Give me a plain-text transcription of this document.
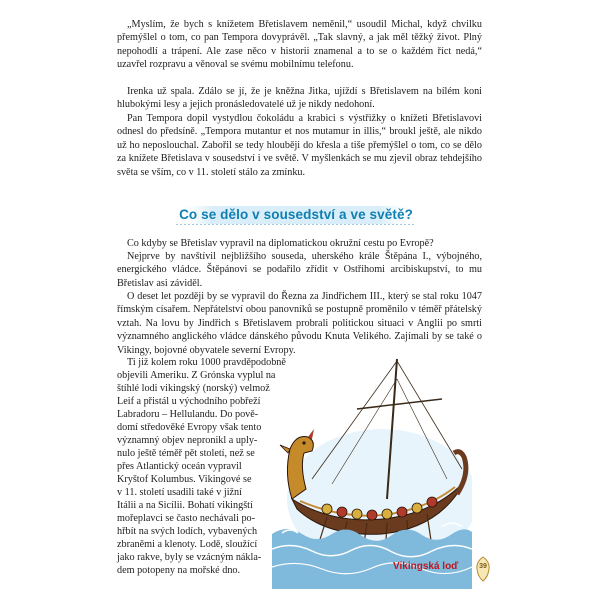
„Myslím, že bych s knížetem Břetislavem neměnil,“ usoudil Michal, když chvilku přemýšlel o tom, co pan Tempora dovyprávěl. „Tak slavný, a jak měl těžký život. Plný nepohodlí a trápení. Ale zase něco v historii znamenal a to se o každém říct nedá,“ uzavřel rozpravu a věnoval se svému mobilnímu telefonu.

Irenka už spala. Zdálo se jí, že je kněžna Jitka, ujíždí s Břetislavem na bílém koni hlubokými lesy a jejich pronásledovatelé už je nikdy nedohoní.

Pan Tempora dopil vystydlou čokoládu a krabici s výstřižky o knížeti Břetislavovi odnesl do předsíně. „Tempora mutantur et nos mutamur in illis,“ broukl ještě, ale nikdo už ho neposlouchal. Zabořil se tedy hlouběji do křesla a tiše přemýšlel o tom, co se dělo za knížete Břetislava v sousedství i ve světě. V myšlenkách se mu zjevil obraz tehdejšího světa se vším, co v 11. století stálo za zmínku.

Co se dělo v sousedství a ve světě?

Co kdyby se Břetislav vypravil na diplomatickou okružní cestu po Evropě?

Nejprve by navštívil nejbližšího souseda, uherského krále Štěpána I., výbojného, energického vládce. Štěpánovi se podařilo zřídit v Ostřihomi arcibiskupství, to mu Břetislav asi záviděl.

O deset let později by se vypravil do Řezna za Jindřichem III., který se stal roku 1047 římským císařem. Nepřátelství obou panovníků se postupně proměnilo v téměř přátelský vztah. Na lovu by Jindřich s Břetislavem probrali politickou situaci v Anglii po smrti významného anglického vládce dánského původu Knuta Velikého. Zajímali by se také o Vikingy, bojovné obyvatele severní Evropy.

Ti již kolem roku 1000 pravděpodobně

objevili Ameriku. Z Grónska vyplul na

štíhlé lodi vikingský (norský) velmož

Leif a přistál u východního pobřeží

Labradoru – Hellulandu. Do pově-

domí středověké Evropy však tento

významný objev nepronikl a uply-

nulo ještě téměř pět století, než se

přes Atlantický oceán vypravil

Kryštof Kolumbus. Vikingové se

v 11. století usadili také v jižní

Itálii a na Sicílii. Bohatí vikingští

mořeplavci se často nechávali po-

hřbít na svých lodích, vybavených

zbraněmi a klenoty. Lodě, sloužící

jako rakve, byly se vzácným náklа-

dem potopeny na mořské dno.	Vikingská loď	39
